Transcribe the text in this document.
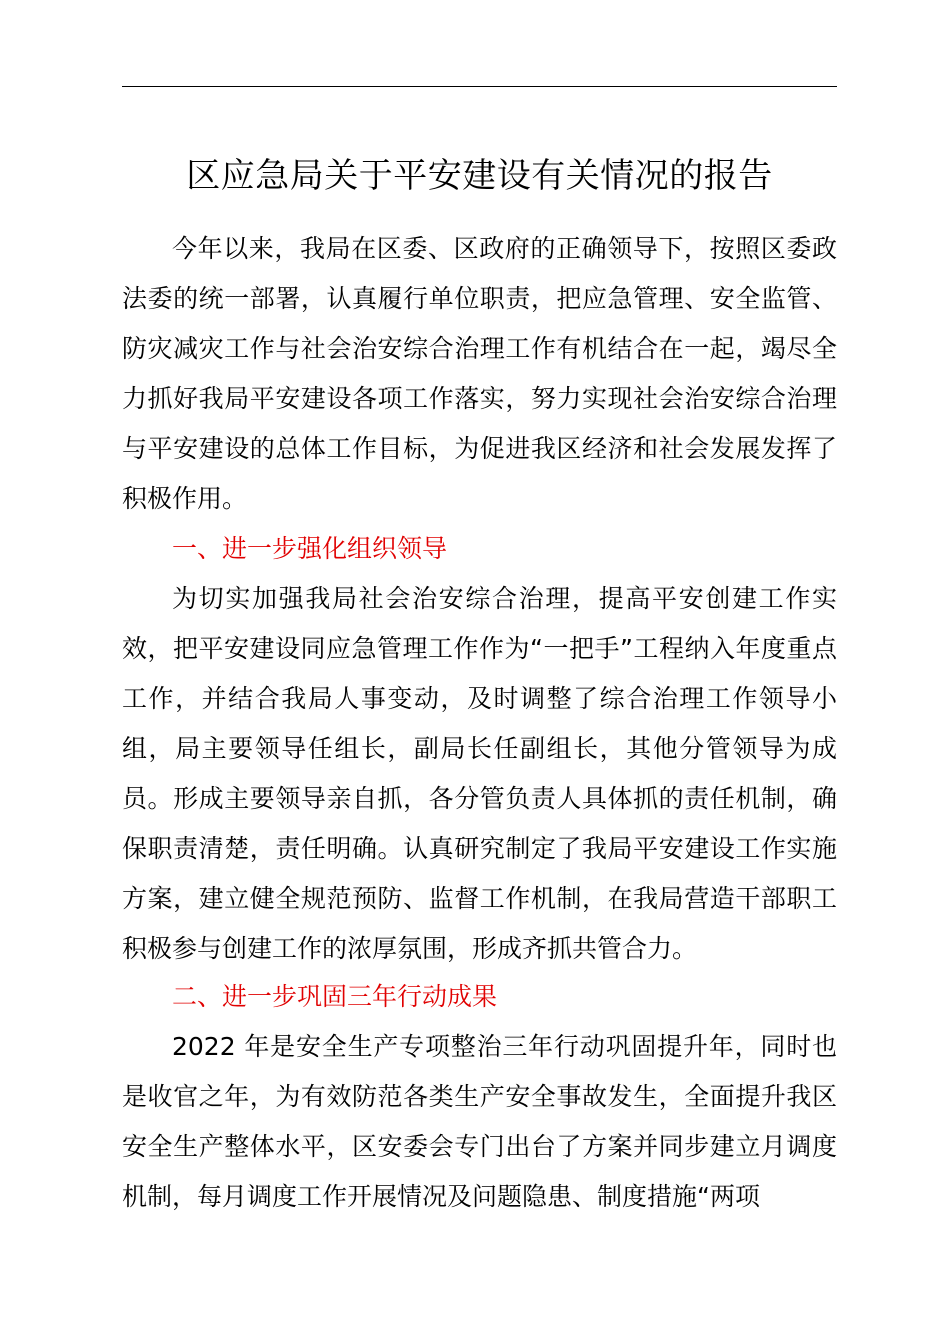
区应急局关于平安建设有关情况的报告

今年以来，我局在区委、区政府的正确领导下，按照区委政法委的统一部署，认真履行单位职责，把应急管理、安全监管、防灾减灾工作与社会治安综合治理工作有机结合在一起，竭尽全力抓好我局平安建设各项工作落实，努力实现社会治安综合治理与平安建设的总体工作目标，为促进我区经济和社会发展发挥了积极作用。

一、进一步强化组织领导

为切实加强我局社会治安综合治理，提高平安创建工作实效，把平安建设同应急管理工作作为“一把手”工程纳入年度重点工作，并结合我局人事变动，及时调整了综合治理工作领导小组，局主要领导任组长，副局长任副组长，其他分管领导为成员。形成主要领导亲自抓，各分管负责人具体抓的责任机制，确保职责清楚，责任明确。认真研究制定了我局平安建设工作实施方案，建立健全规范预防、监督工作机制，在我局营造干部职工积极参与创建工作的浓厚氛围，形成齐抓共管合力。

二、进一步巩固三年行动成果

2022 年是安全生产专项整治三年行动巩固提升年，同时也是收官之年，为有效防范各类生产安全事故发生，全面提升我区安全生产整体水平，区安委会专门出台了方案并同步建立月调度机制，每月调度工作开展情况及问题隐患、制度措施“两项
